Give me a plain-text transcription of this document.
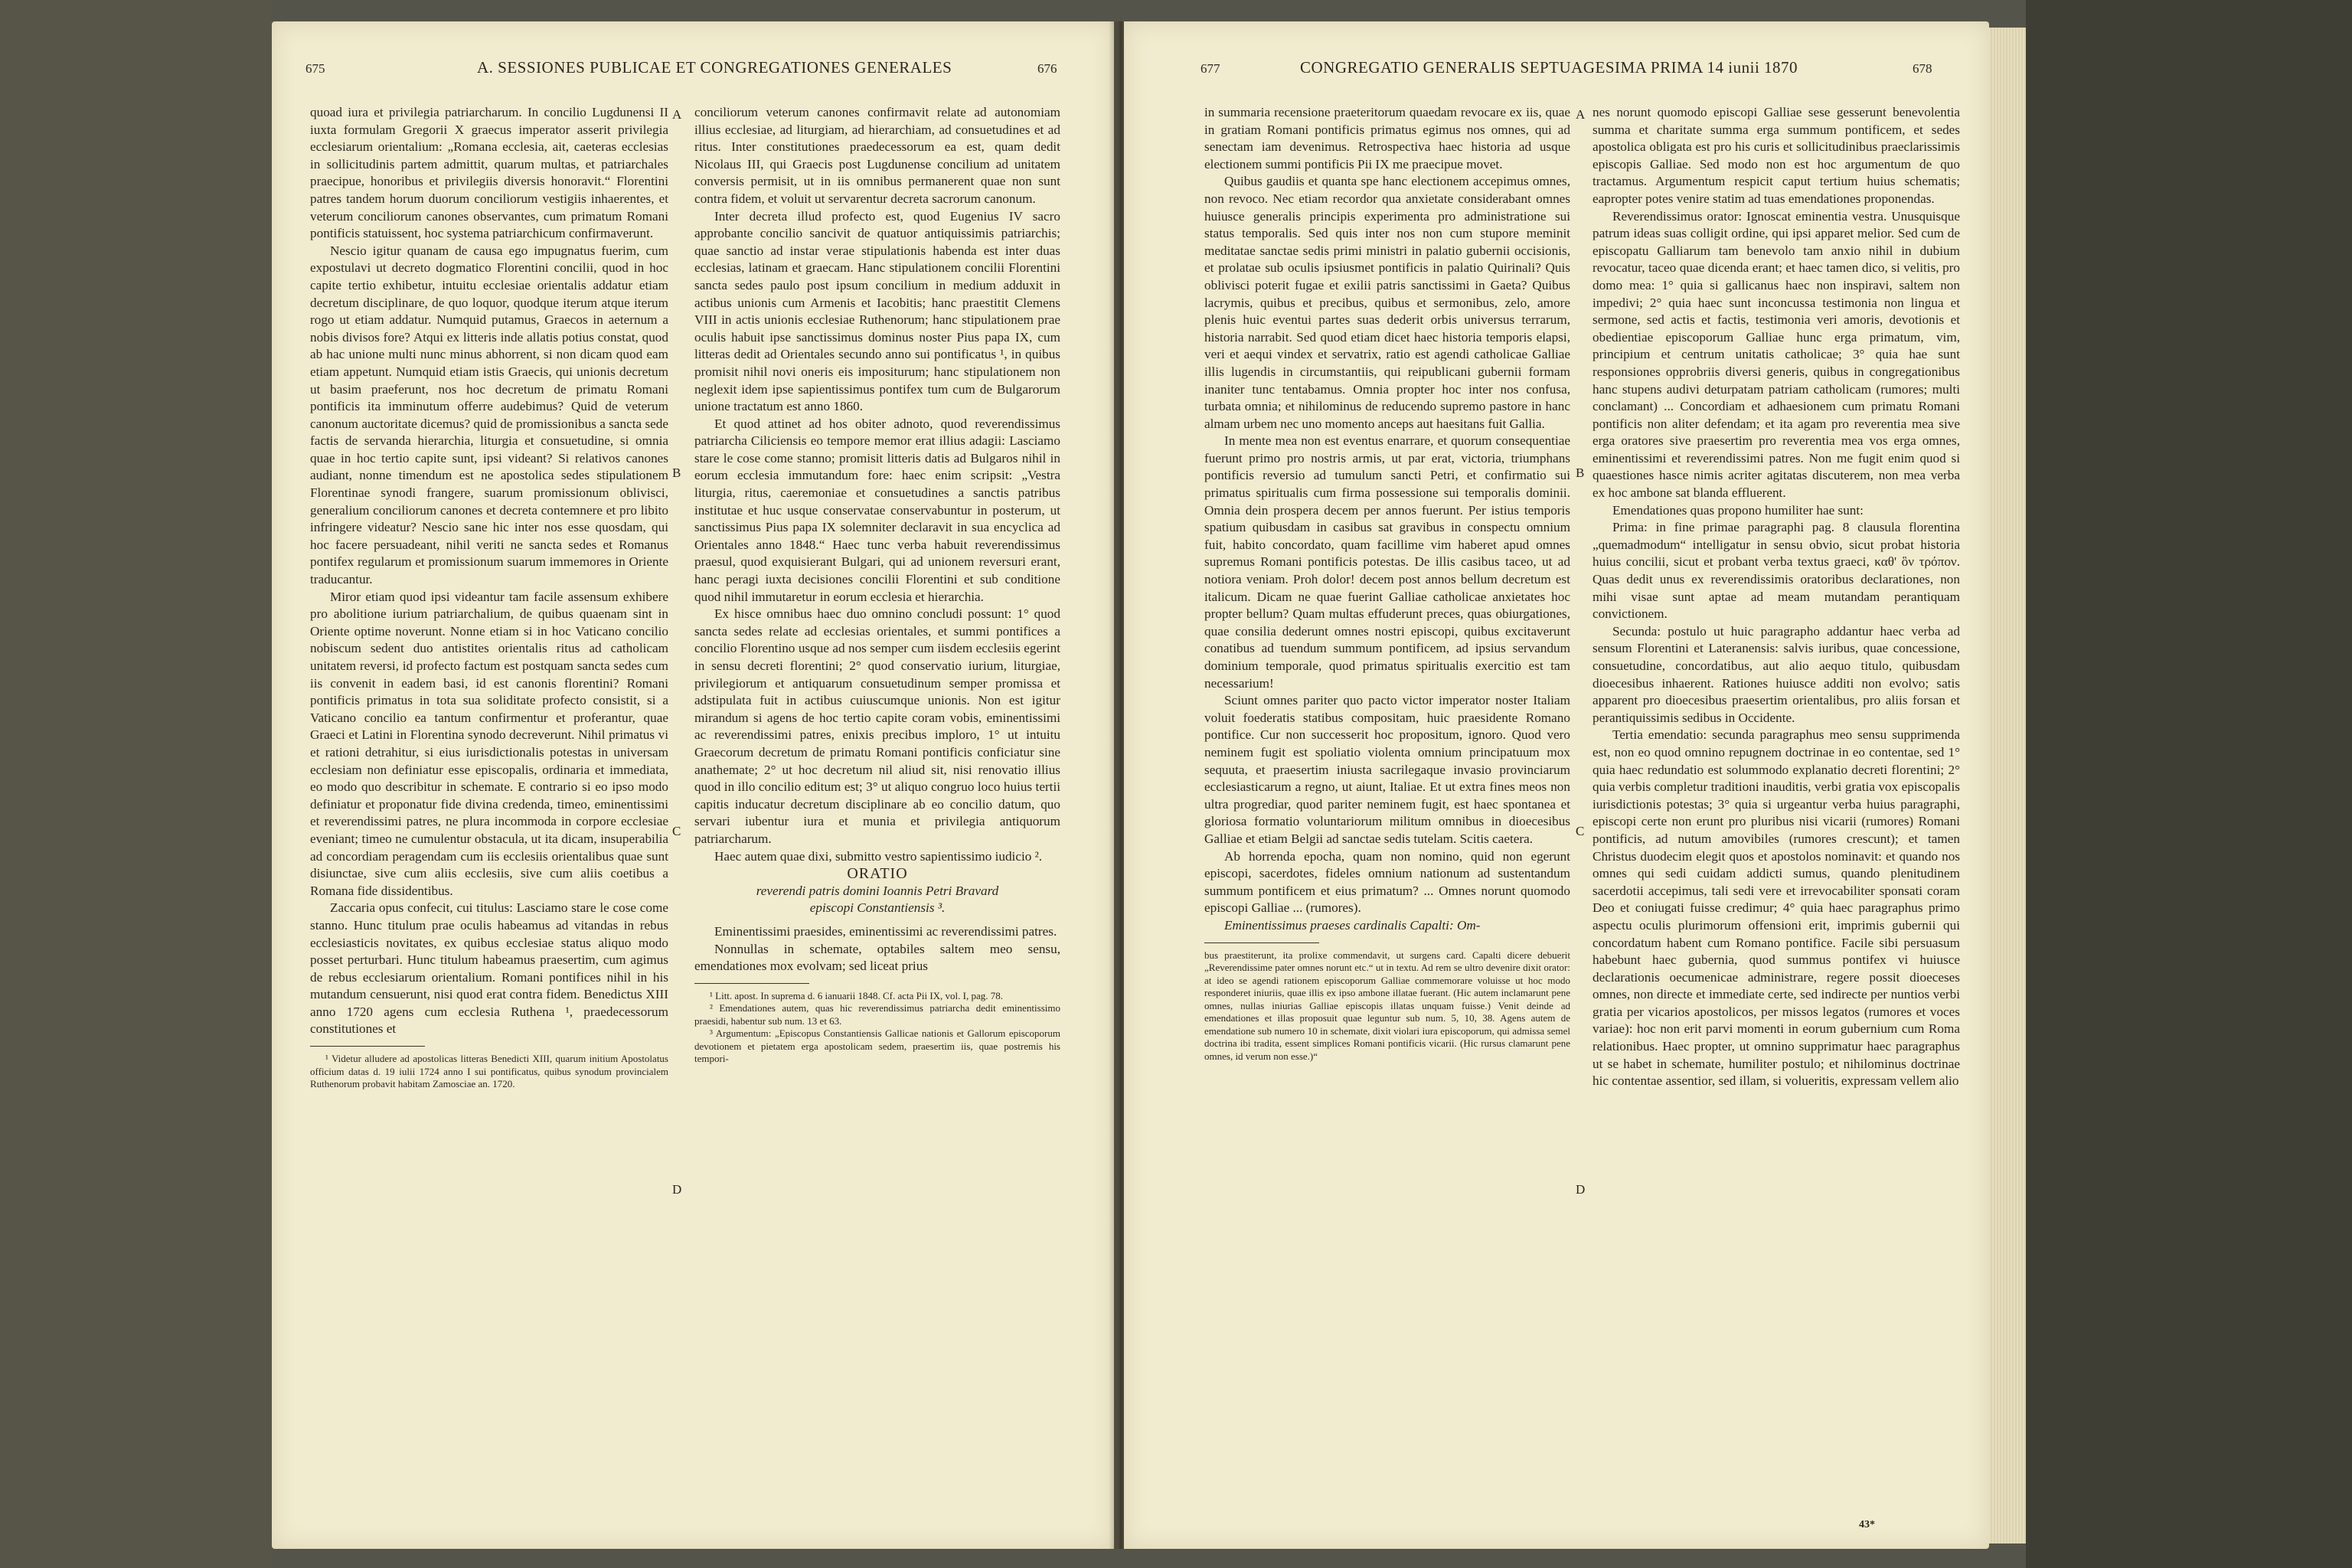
675	A. SESSIONES PUBLICAE ET CONGREGATIONES GENERALES	676

quoad iura et privilegia patriarcharum. In concilio Lugdunensi II iuxta formulam Gregorii X graecus imperator asserit privilegia ecclesiarum orientalium: „Romana ecclesia, ait, caeteras ecclesias in sollicitudinis partem admittit, quarum multas, et patriarchales praecipue, honoribus et privilegiis diversis honoravit.“ Florentini patres tandem horum duorum conciliorum vestigiis inhaerentes, et veterum conciliorum canones observantes, cum primatum Romani pontificis statuissent, hoc systema patriarchicum confirmaverunt.

Nescio igitur quanam de causa ego impugnatus fuerim, cum expostulavi ut decreto dogmatico Florentini concilii, quod in hoc capite tertio exhibetur, intuitu ecclesiae orientalis addatur etiam decretum disciplinare, de quo loquor, quodque iterum atque iterum rogo ut etiam addatur. Numquid putamus, Graecos in aeternum a nobis divisos fore? Atqui ex litteris inde allatis potius constat, quod ab hac unione multi nunc minus abhorrent, si non dicam quod eam etiam appetunt. Numquid etiam istis Graecis, qui unionis decretum ut basim praeferunt, nos hoc decretum de primatu Romani pontificis ita imminutum offerre audebimus? Quid de veterum canonum auctoritate dicemus? quid de promissionibus a sancta sede factis de servanda hierarchia, liturgia et consuetudine, si omnia quae in hoc tertio capite sunt, ipsi videant? Si relativos canones audiant, nonne timendum est ne apostolica sedes stipulationem Florentinae synodi frangere, suarum promissionum oblivisci, generalium conciliorum canones et decreta contemnere et pro libito infringere videatur? Nescio sane hic inter nos esse quosdam, qui hoc facere persuadeant, nihil veriti ne sancta sedes et Romanus pontifex regularum et promissionum suarum immemores in Oriente traducantur.

Miror etiam quod ipsi videantur tam facile assensum exhibere pro abolitione iurium patriarchalium, de quibus quaenam sint in Oriente optime noverunt. Nonne etiam si in hoc Vaticano concilio nobiscum sedent duo antistites orientalis ritus ad catholicam unitatem reversi, id profecto factum est postquam sancta sedes cum iis convenit in eadem basi, id est canonis florentini? Romani pontificis primatus in tota sua soliditate profecto consistit, si a Vaticano concilio ea tantum confirmentur et proferantur, quae Graeci et Latini in Florentina synodo decreverunt. Nihil primatus vi et rationi detrahitur, si eius iurisdictionalis potestas in universam ecclesiam non definiatur esse episcopalis, ordinaria et immediata, eo modo quo describitur in schemate. E contrario si eo ipso modo definiatur et proponatur fide divina credenda, timeo, eminentissimi et reverendissimi patres, ne plura incommoda in corpore ecclesiae eveniant; timeo ne cumulentur obstacula, ut ita dicam, insuperabilia ad concordiam peragendam cum iis ecclesiis orientalibus quae sunt disiunctae, sive cum aliis ecclesiis, sive cum aliis coetibus a Romana fide dissidentibus.

Zaccaria opus confecit, cui titulus: Lasciamo stare le cose come stanno. Hunc titulum prae oculis habeamus ad vitandas in rebus ecclesiasticis novitates, ex quibus ecclesiae status aliquo modo posset perturbari. Hunc titulum habeamus praesertim, cum agimus de rebus ecclesiarum orientalium. Romani pontifices nihil in his mutandum censuerunt, nisi quod erat contra fidem. Benedictus XIII anno 1720 agens cum ecclesia Ruthena ¹, praedecessorum constitutiones et

¹ Videtur alludere ad apostolicas litteras Benedicti XIII, quarum initium Apostolatus officium datas d. 19 iulii 1724 anno I sui pontificatus, quibus synodum provincialem Ruthenorum probavit habitam Zamosciae an. 1720.

A
B
C
D

conciliorum veterum canones confirmavit relate ad autonomiam illius ecclesiae, ad liturgiam, ad hierarchiam, ad consuetudines et ad ritus. Inter constitutiones praedecessorum ea est, quam dedit Nicolaus III, qui Graecis post Lugdunense concilium ad unitatem conversis permisit, ut in iis omnibus permanerent quae non sunt contra fidem, et voluit ut servarentur decreta sacrorum canonum.

Inter decreta illud profecto est, quod Eugenius IV sacro approbante concilio sancivit de quatuor antiquissimis patriarchis; quae sanctio ad instar verae stipulationis habenda est inter duas ecclesias, latinam et graecam. Hanc stipulationem concilii Florentini sancta sedes paulo post ipsum concilium in medium adduxit in actibus unionis cum Armenis et Iacobitis; hanc praestitit Clemens VIII in actis unionis ecclesiae Ruthenorum; hanc stipulationem prae oculis habuit ipse sanctissimus dominus noster Pius papa IX, cum litteras dedit ad Orientales secundo anno sui pontificatus ¹, in quibus promisit nihil novi oneris eis impositurum; hanc stipulationem non neglexit idem ipse sapientissimus pontifex tum cum de Bulgarorum unione tractatum est anno 1860.

Et quod attinet ad hos obiter adnoto, quod reverendissimus patriarcha Ciliciensis eo tempore memor erat illius adagii: Lasciamo stare le cose come stanno; promisit litteris datis ad Bulgaros nihil in eorum ecclesia immutandum fore: haec enim scripsit: „Vestra liturgia, ritus, caeremoniae et consuetudines a sanctis patribus institutae et huc usque conservatae conservabuntur in posterum, ut sanctissimus Pius papa IX solemniter declaravit in sua encyclica ad Orientales anno 1848.“ Haec tunc verba habuit reverendissimus praesul, quod exquisierant Bulgari, qui ad unionem reversuri erant, hanc peragi iuxta decisiones concilii Florentini et sub conditione quod nihil immutaretur in eorum ecclesia et hierarchia.

Ex hisce omnibus haec duo omnino concludi possunt: 1° quod sancta sedes relate ad ecclesias orientales, et summi pontifices a concilio Florentino usque ad nos semper cum iisdem ecclesiis egerint in sensu decreti florentini; 2° quod conservatio iurium, liturgiae, privilegiorum et antiquarum consuetudinum semper promissa et adstipulata fuit in actibus cuiuscumque unionis. Non est igitur mirandum si agens de hoc tertio capite coram vobis, eminentissimi ac reverendissimi patres, enixis precibus imploro, 1° ut intuitu Graecorum decretum de primatu Romani pontificis conficiatur sine anathemate; 2° ut hoc decretum nil aliud sit, nisi renovatio illius quod in illo concilio editum est; 3° ut aliquo congruo loco huius tertii capitis inducatur decretum disciplinare ab eo concilio datum, quo servari iubentur iura et munia et privilegia antiquorum patriarcharum.

Haec autem quae dixi, submitto vestro sapientissimo iudicio ².

ORATIO

reverendi patris domini Ioannis Petri Bravard

episcopi Constantiensis ³.

Eminentissimi praesides, eminentissimi ac reverendissimi patres.

Nonnullas in schemate, optabiles saltem meo sensu, emendationes mox evolvam; sed liceat prius

¹ Litt. apost. In suprema d. 6 ianuarii 1848. Cf. acta Pii IX, vol. I, pag. 78.

² Emendationes autem, quas hic reverendissimus patriarcha dedit eminentissimo praesidi, habentur sub num. 13 et 63.

³ Argumentum: „Episcopus Constantiensis Gallicae nationis et Gallorum episcoporum devotionem et pietatem erga apostolicam sedem, praesertim iis, quae postremis his tempori-

677	CONGREGATIO GENERALIS SEPTUAGESIMA PRIMA 14 iunii 1870	678

in summaria recensione praeteritorum quaedam revocare ex iis, quae in gratiam Romani pontificis primatus egimus nos omnes, qui ad senectam iam devenimus. Retrospectiva haec historia ad usque electionem summi pontificis Pii IX me praecipue movet.

Quibus gaudiis et quanta spe hanc electionem accepimus omnes, non revoco. Nec etiam recordor qua anxietate considerabant omnes huiusce generalis principis experimenta pro administratione sui status temporalis. Sed quis inter nos non cum stupore meminit meditatae sanctae sedis primi ministri in palatio gubernii occisionis, et prolatae sub oculis ipsiusmet pontificis in palatio Quirinali? Quis oblivisci poterit fugae et exilii patris sanctissimi in Gaeta? Quibus lacrymis, quibus et precibus, quibus et sermonibus, zelo, amore plenis huic eventui partes suas dederit orbis universus terrarum, historia narrabit. Sed quod etiam dicet haec historia temporis elapsi, veri et aequi vindex et servatrix, ratio est agendi catholicae Galliae illis lugendis in circumstantiis, qui reipublicani gubernii formam inaniter tunc tentabamus. Omnia propter hoc inter nos confusa, turbata omnia; et nihilominus de reducendo supremo pastore in hanc almam urbem nec uno momento anceps aut haesitans fuit Gallia.

In mente mea non est eventus enarrare, et quorum consequentiae fuerunt primo pro nostris armis, ut par erat, victoria, triumphans pontificis reversio ad tumulum sancti Petri, et confirmatio sui primatus spiritualis cum firma possessione sui temporalis dominii. Omnia dein prospera decem per annos fuerunt. Per istius temporis spatium quibusdam in casibus sat gravibus in conspectu omnium fuit, habito concordato, quam facillime vim haberet apud omnes supremus Romani pontificis potestas. De illis casibus taceo, ut ad notiora veniam. Proh dolor! decem post annos bellum decretum est italicum. Dicam ne quae fuerint Galliae catholicae anxietates hoc propter bellum? Quam multas effuderunt preces, quas obiurgationes, quae consilia dederunt omnes nostri episcopi, quibus excitaverunt conatibus ad tuendum summum pontificem, ad ipsius servandum dominium temporale, quod primatus spiritualis exercitio est tam necessarium!

Sciunt omnes pariter quo pacto victor imperator noster Italiam voluit foederatis statibus compositam, huic praesidente Romano pontifice. Cur non successerit hoc propositum, ignoro. Quod vero neminem fugit est spoliatio violenta omnium principatuum mox sequuta, et praesertim iniusta sacrilegaque invasio provinciarum ecclesiasticarum a regno, ut aiunt, Italiae. Et ut extra fines meos non ultra progrediar, quod pariter neminem fugit, est haec spontanea et gloriosa formatio voluntariorum militum omnibus in dioecesibus Galliae et etiam Belgii ad sanctae sedis tutelam. Scitis caetera.

Ab horrenda epocha, quam non nomino, quid non egerunt episcopi, sacerdotes, fideles omnium nationum ad sustentandum summum pontificem et eius primatum? ... Omnes norunt quomodo episcopi Galliae ... (rumores).

Eminentissimus praeses cardinalis Capalti: Om-

bus praestiterunt, ita prolixe commendavit, ut surgens card. Capalti dicere debuerit „Reverendissime pater omnes norunt etc.“ ut in textu. Ad rem se ultro devenire dixit orator: at ideo se agendi rationem episcoporum Galliae commemorare voluisse ut hoc modo responderet iniuriis, quae illis ex ipso ambone illatae fuerant. (Hic autem inclamarunt pene omnes, nullas iniurias Galliae episcopis illatas unquam fuisse.) Venit deinde ad emendationes et illas proposuit quae leguntur sub num. 5, 10, 38. Agens autem de emendatione sub numero 10 in schemate, dixit violari iura episcoporum, qui admissa semel doctrina ibi tradita, essent simplices Romani pontificis vicarii. (Hic rursus clamarunt pene omnes, id verum non esse.)“

A
B
C
D

nes norunt quomodo episcopi Galliae sese gesserunt benevolentia summa et charitate summa erga summum pontificem, et sedes apostolica obligata est pro his curis et sollicitudinibus praeclarissimis episcopis Galliae. Sed modo non est hoc argumentum de quo tractamus. Argumentum respicit caput tertium huius schematis; eapropter potes venire statim ad tuas emendationes proponendas.

Reverendissimus orator: Ignoscat eminentia vestra. Unusquisque patrum ideas suas colligit ordine, qui ipsi apparet melior. Sed cum de episcopatu Galliarum tam benevolo tam anxio nihil in dubium revocatur, taceo quae dicenda erant; et haec tamen dico, si velitis, pro domo mea: 1° quia si gallicanus haec non inspiravi, saltem non impedivi; 2° quia haec sunt inconcussa testimonia non lingua et sermone, sed actis et factis, testimonia veri amoris, devotionis et obedientiae episcoporum Galliae hunc erga primatum, vim, principium et centrum unitatis catholicae; 3° quia hae sunt responsiones opprobriis diversi generis, quibus in congregationibus hanc stupens audivi deturpatam patriam catholicam (rumores; multi conclamant) ... Concordiam et adhaesionem cum primatu Romani pontificis non aliter defendam; et ita agam pro reverentia mea sive erga oratores sive praesertim pro reverentia mea vos erga omnes, eminentissimi et reverendissimi patres. Non me fugit enim quod si quaestiones hasce nimis acriter agitatas discuterem, non mea verba ex hoc ambone sat blanda effluerent.

Emendationes quas propono humiliter hae sunt:

Prima: in fine primae paragraphi pag. 8 clausula florentina „quemadmodum“ intelligatur in sensu obvio, sicut probat historia huius concilii, sicut et probant verba textus graeci, καθ' ὃν τρόπον. Quas dedit unus ex reverendissimis oratoribus declarationes, non mihi visae sunt aptae ad meam mutandam perantiquam convictionem.

Secunda: postulo ut huic paragrapho addantur haec verba ad sensum Florentini et Lateranensis: salvis iuribus, quae concessione, consuetudine, concordatibus, aut alio aequo titulo, quibusdam dioecesibus inhaerent. Rationes huiusce additi non evolvo; satis apparent pro dioecesibus praesertim orientalibus, pro aliis forsan et perantiquissimis sedibus in Occidente.

Tertia emendatio: secunda paragraphus meo sensu supprimenda est, non eo quod omnino repugnem doctrinae in eo contentae, sed 1° quia haec redundatio est solummodo explanatio decreti florentini; 2° quia verbis completur traditioni inauditis, verbi gratia vox episcopalis iurisdictionis potestas; 3° quia si urgeantur verba huius paragraphi, episcopi certe non erunt pro pluribus nisi vicarii (rumores) Romani pontificis, ad nutum amovibiles (rumores crescunt); et tamen Christus duodecim elegit quos et apostolos nominavit: et quando nos omnes qui sedi cuidam addicti sumus, quando plenitudinem sacerdotii accepimus, tali sedi vere et irrevocabiliter sponsati coram Deo et coniugati fuisse credimur; 4° quia haec paragraphus primo aspectu oculis plurimorum offensioni erit, imprimis gubernii qui concordatum habent cum Romano pontifice. Facile sibi persuasum habebunt haec gubernia, quod summus pontifex vi huiusce declarationis oecumenicae administrare, regere possit dioeceses omnes, non directe et immediate certe, sed indirecte per nuntios verbi gratia per vicarios apostolicos, per missos legatos (rumores et voces variae): hoc non erit parvi momenti in eorum gubernium cum Roma relationibus. Haec propter, ut omnino supprimatur haec paragraphus ut se habet in schemate, humiliter postulo; et nihilominus doctrinae hic contentae assentior, sed illam, si volueritis, expressam vellem alio

43*
